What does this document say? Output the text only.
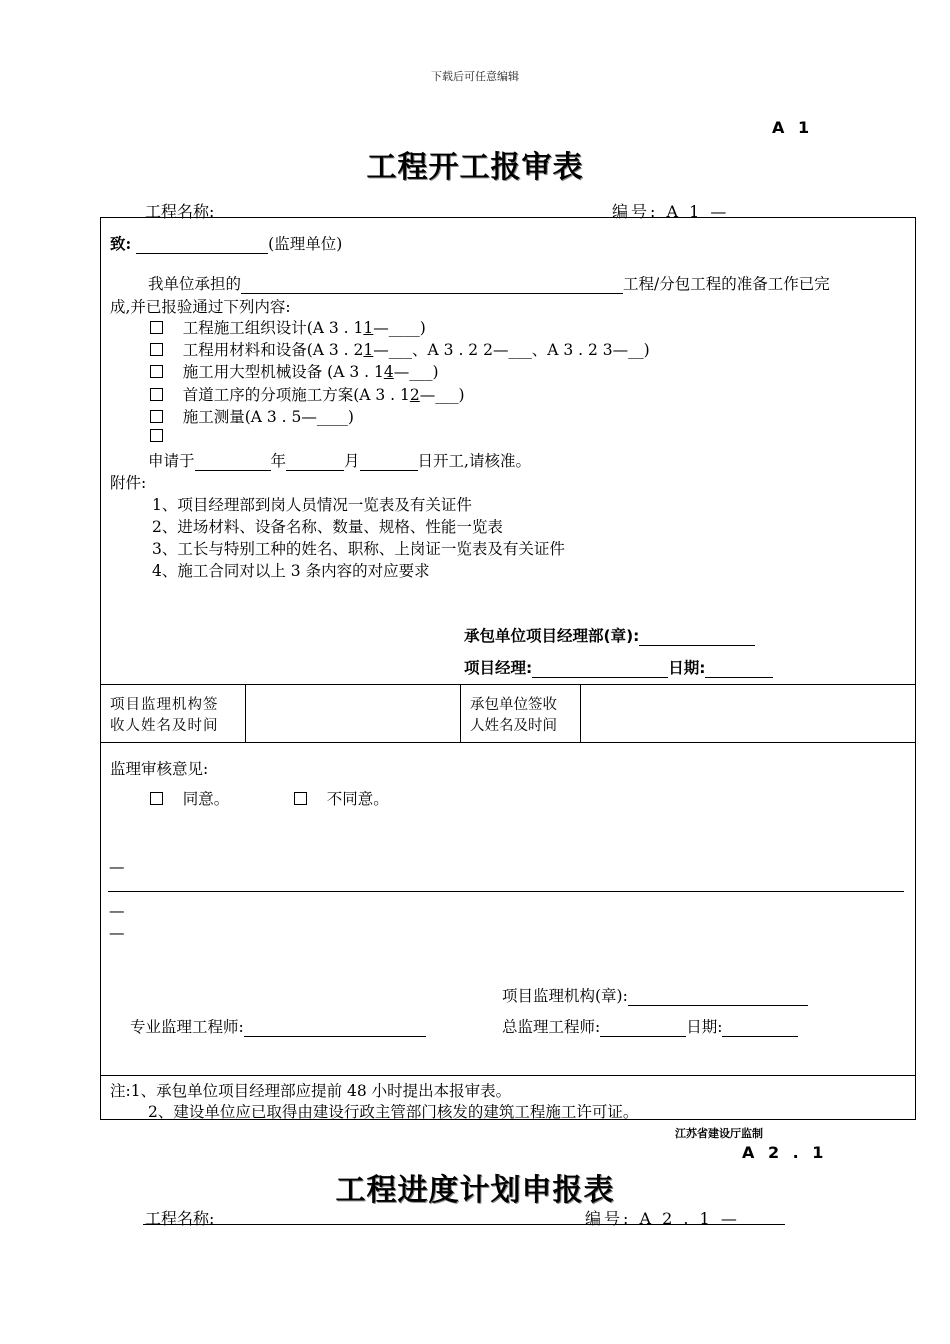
下载后可任意编辑
A 1
工程开工报审表
工程名称:	编号: A 1 —
致:	(监理单位)
我单位承担的	工程/分包工程的准备工作已完
成,并已报验通过下列内容:
工程施工组织设计(A 3 . 11—____)
工程用材料和设备(A 3 . 21—___、A 3 . 2 2—___、A 3 . 2 3—__)
施工用大型机械设备 (A 3 . 14—___)
首道工序的分项施工方案(A 3 . 12—___)
施工测量(A 3 . 5—____)
申请于	年	月	日开工,请核准。
附件:
1、项目经理部到岗人员情况一览表及有关证件
2、进场材料、设备名称、数量、规格、性能一览表
3、工长与特别工种的姓名、职称、上岗证一览表及有关证件
4、施工合同对以上 3 条内容的对应要求
承包单位项目经理部(章):
项目经理:	日期:
项目监理机构签
收人姓名及时间
承包单位签收
人姓名及时间
监理审核意见:
同意。	不同意。
—
—
—
项目监理机构(章):
专业监理工程师:	总监理工程师:	日期:
注:1、承包单位项目经理部应提前 48 小时提出本报审表。
2、建设单位应已取得由建设行政主管部门核发的建筑工程施工许可证。
江苏省建设厅监制
A 2 . 1
工程进度计划申报表
工程名称:	编号: A 2 . 1 —
